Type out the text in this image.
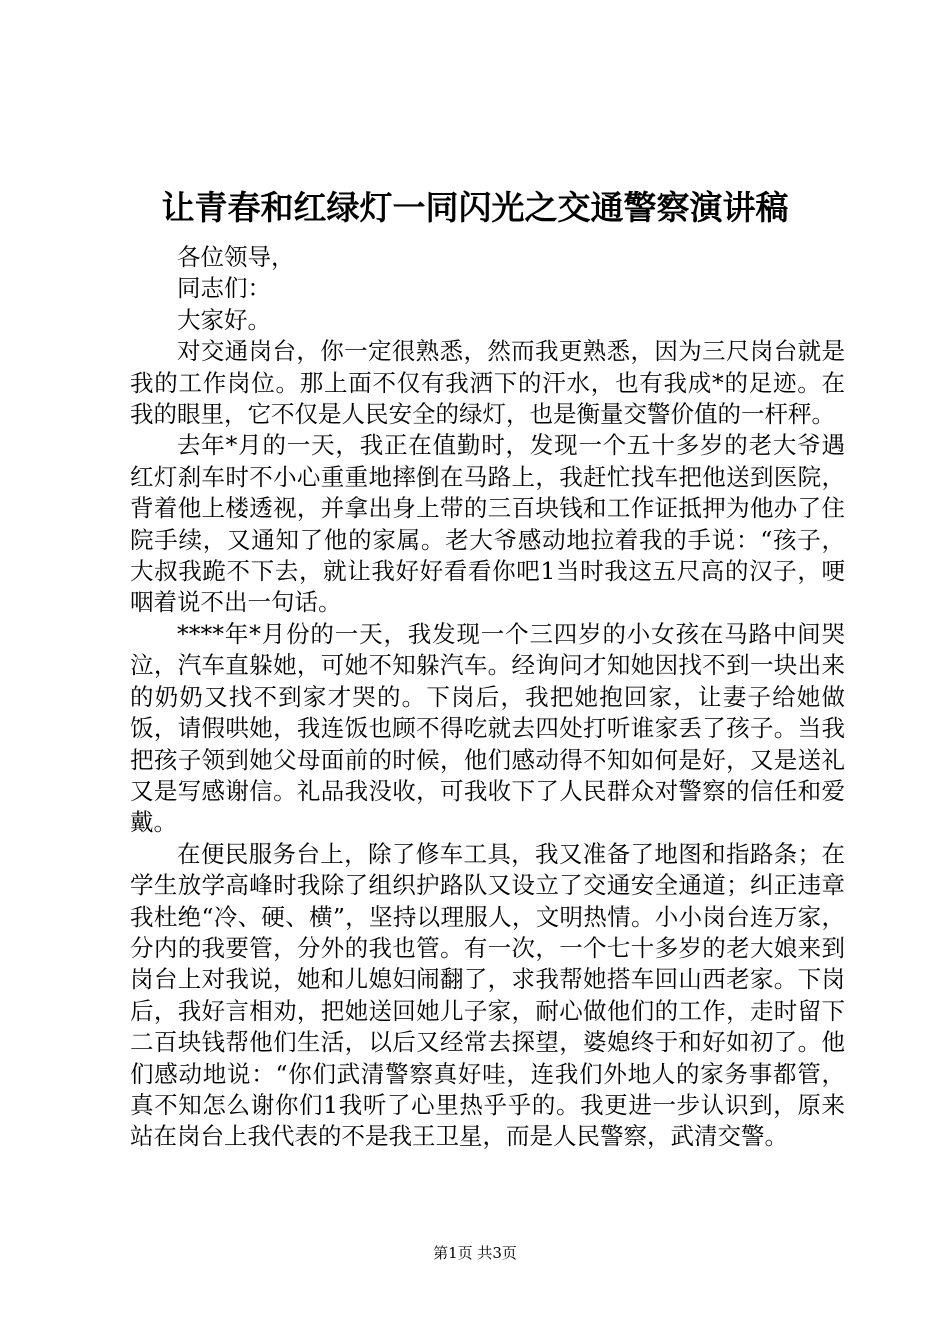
让青春和红绿灯一同闪光之交通警察演讲稿

各位领导，

同志们：

大家好。

对交通岗台，你一定很熟悉，然而我更熟悉，因为三尺岗台就是我的工作岗位。那上面不仅有我洒下的汗水，也有我成*的足迹。在我的眼里，它不仅是人民安全的绿灯，也是衡量交警价值的一杆秤。

去年*月的一天，我正在值勤时，发现一个五十多岁的老大爷遇红灯刹车时不小心重重地摔倒在马路上，我赶忙找车把他送到医院，背着他上楼透视，并拿出身上带的三百块钱和工作证抵押为他办了住院手续，又通知了他的家属。老大爷感动地拉着我的手说：“孩子，大叔我跪不下去，就让我好好看看你吧1当时我这五尺高的汉子，哽咽着说不出一句话。

****年*月份的一天，我发现一个三四岁的小女孩在马路中间哭泣，汽车直躲她，可她不知躲汽车。经询问才知她因找不到一块出来的奶奶又找不到家才哭的。下岗后，我把她抱回家，让妻子给她做饭，请假哄她，我连饭也顾不得吃就去四处打听谁家丢了孩子。当我把孩子领到她父母面前的时候，他们感动得不知如何是好，又是送礼又是写感谢信。礼品我没收，可我收下了人民群众对警察的信任和爱戴。

在便民服务台上，除了修车工具，我又准备了地图和指路条；在学生放学高峰时我除了组织护路队又设立了交通安全通道；纠正违章我杜绝“冷、硬、横”，坚持以理服人，文明热情。小小岗台连万家，分内的我要管，分外的我也管。有一次，一个七十多岁的老大娘来到岗台上对我说，她和儿媳妇闹翻了，求我帮她搭车回山西老家。下岗后，我好言相劝，把她送回她儿子家，耐心做他们的工作，走时留下二百块钱帮他们生活，以后又经常去探望，婆媳终于和好如初了。他们感动地说：“你们武清警察真好哇，连我们外地人的家务事都管，真不知怎么谢你们1我听了心里热乎乎的。我更进一步认识到，原来站在岗台上我代表的不是我王卫星，而是人民警察，武清交警。

第1页 共3页
